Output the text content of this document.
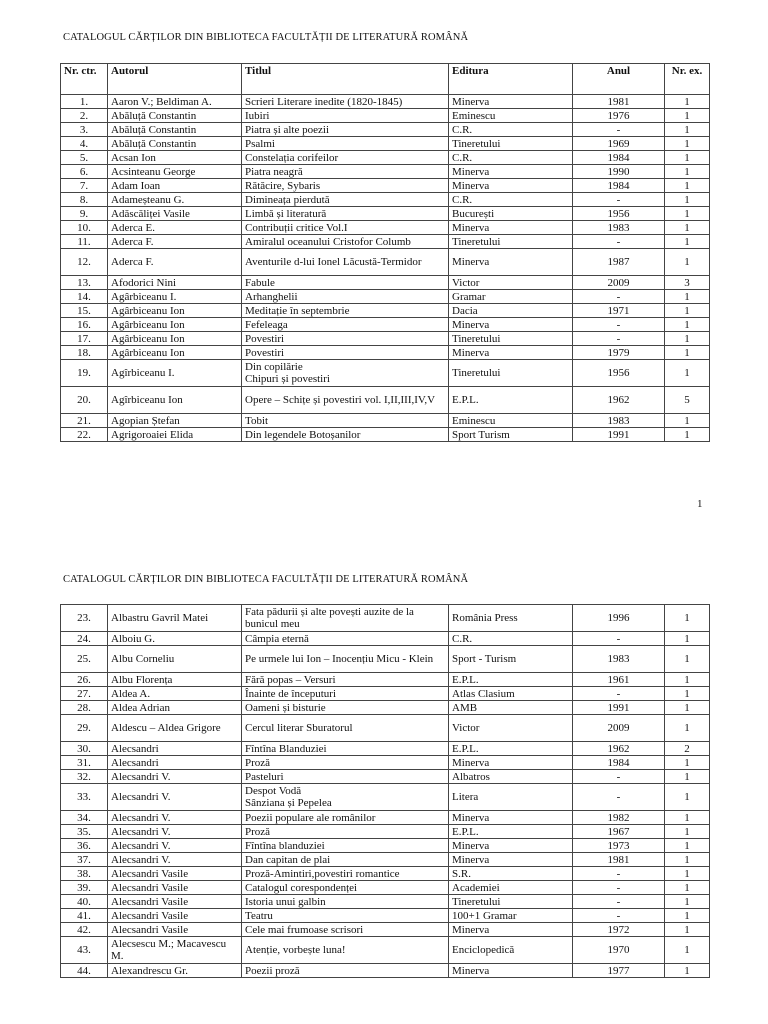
CATALOGUL CĂRȚILOR DIN BIBLIOTECA FACULTĂȚII DE LITERATURĂ ROMÂNĂ
Nr. ctr.	Autorul	Titlul	Editura	Anul	Nr. ex.
1.	Aaron V.; Beldiman A.	Scrieri Literare inedite (1820-1845)	Minerva	1981	1
2.	Abăluță Constantin	Iubiri	Eminescu	1976	1
3.	Abăluță Constantin	Piatra și alte poezii	C.R.	-	1
4.	Abăluță Constantin	Psalmi	Tineretului	1969	1
5.	Acsan Ion	Constelația corifeilor	C.R.	1984	1
6.	Acsinteanu George	Piatra neagră	Minerva	1990	1
7.	Adam Ioan	Rătăcire, Sybaris	Minerva	1984	1
8.	Adameșteanu G.	Dimineața pierdută	C.R.	-	1
9.	Adăscăliței Vasile	Limbă și literatură	București	1956	1
10.	Aderca E.	Contribuții critice Vol.I	Minerva	1983	1
11.	Aderca F.	Amiralul oceanului Cristofor Columb	Tineretului	-	1
12.	Aderca F.	Aventurile d-lui Ionel Lăcustă-Termidor	Minerva	1987	1
13.	Afodorici Nini	Fabule	Victor	2009	3
14.	Agârbiceanu I.	Arhanghelii	Gramar	-	1
15.	Agârbiceanu Ion	Meditație în septembrie	Dacia	1971	1
16.	Agârbiceanu Ion	Fefeleaga	Minerva	-	1
17.	Agârbiceanu Ion	Povestiri	Tineretului	-	1
18.	Agârbiceanu Ion	Povestiri	Minerva	1979	1
19.	Agîrbiceanu I.	Din copilărie
Chipuri și povestiri	Tineretului	1956	1
20.	Agîrbiceanu Ion	Opere – Schițe și povestiri vol. I,II,III,IV,V	E.P.L.	1962	5
21.	Agopian Ștefan	Tobit	Eminescu	1983	1
22.	Agrigoroaiei Elida	Din legendele Botoșanilor	Sport Turism	1991	1
1
CATALOGUL CĂRȚILOR DIN BIBLIOTECA FACULTĂȚII DE LITERATURĂ ROMÂNĂ
23.	Albastru Gavril Matei	Fata pădurii și alte povești auzite de la bunicul meu	România Press	1996	1
24.	Alboiu G.	Câmpia eternă	C.R.	-	1
25.	Albu Corneliu	Pe urmele lui Ion – Inocențiu Micu - Klein	Sport - Turism	1983	1
26.	Albu Florența	Fără popas – Versuri	E.P.L.	1961	1
27.	Aldea A.	Înainte de începuturi	Atlas Clasium	-	1
28.	Aldea Adrian	Oameni și bisturie	AMB	1991	1
29.	Aldescu – Aldea Grigore	Cercul literar Sburatorul	Victor	2009	1
30.	Alecsandri	Fîntîna Blanduziei	E.P.L.	1962	2
31.	Alecsandri	Proză	Minerva	1984	1
32.	Alecsandri V.	Pasteluri	Albatros	-	1
33.	Alecsandri V.	Despot Vodă
Sânziana și Pepelea	Litera	-	1
34.	Alecsandri V.	Poezii populare ale românilor	Minerva	1982	1
35.	Alecsandri V.	Proză	E.P.L.	1967	1
36.	Alecsandri V.	Fîntîna blanduziei	Minerva	1973	1
37.	Alecsandri V.	Dan capitan de plai	Minerva	1981	1
38.	Alecsandri Vasile	Proză-Amintiri,povestiri romantice	S.R.	-	1
39.	Alecsandri Vasile	Catalogul corespondenței	Academiei	-	1
40.	Alecsandri Vasile	Istoria unui galbin	Tineretului	-	1
41.	Alecsandri Vasile	Teatru	100+1 Gramar	-	1
42.	Alecsandri Vasile	Cele mai frumoase scrisori	Minerva	1972	1
43.	Alecsescu M.; Macavescu M.	Atenție, vorbește luna!	Enciclopedică	1970	1
44.	Alexandrescu Gr.	Poezii proză	Minerva	1977	1
